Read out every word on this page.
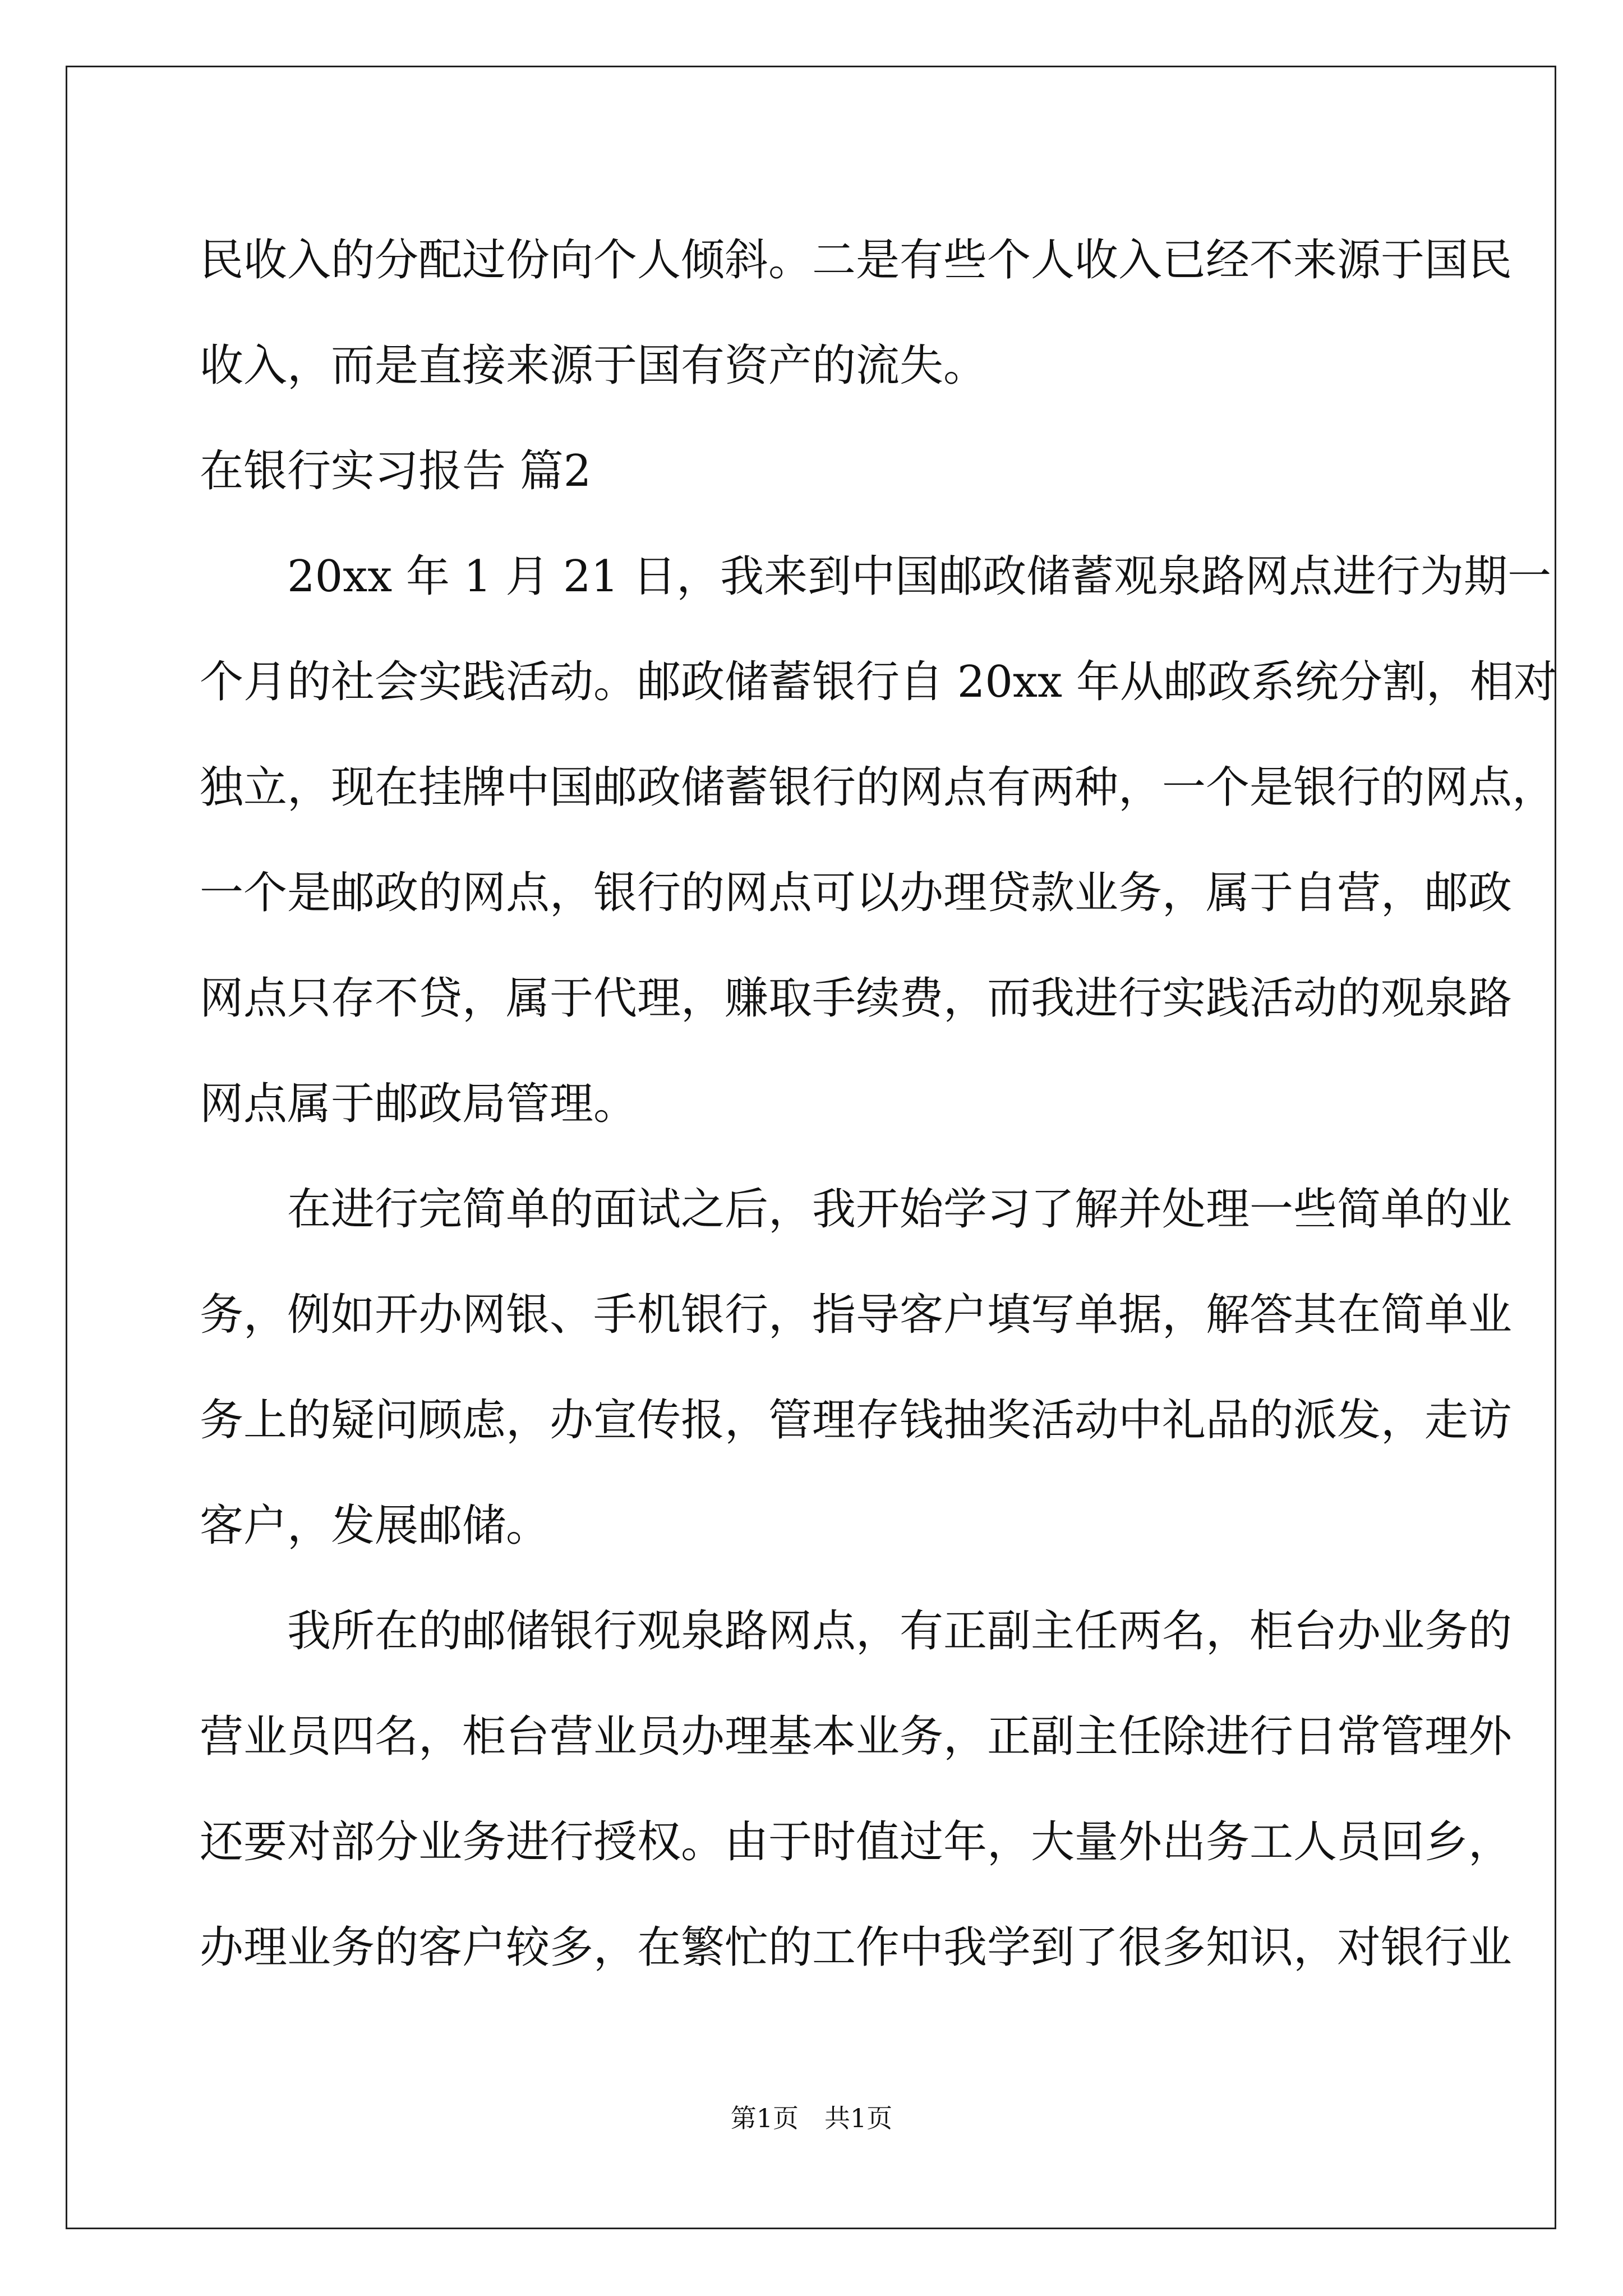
民收入的分配过份向个人倾斜。二是有些个人收入已经不来源于国民
收入，而是直接来源于国有资产的流失。
在银行实习报告 篇2
20xx 年 1 月 21 日，我来到中国邮政储蓄观泉路网点进行为期一
个月的社会实践活动。邮政储蓄银行自 20xx 年从邮政系统分割，相对
独立，现在挂牌中国邮政储蓄银行的网点有两种，一个是银行的网点，
一个是邮政的网点，银行的网点可以办理贷款业务，属于自营，邮政
网点只存不贷，属于代理，赚取手续费，而我进行实践活动的观泉路
网点属于邮政局管理。
在进行完简单的面试之后，我开始学习了解并处理一些简单的业
务，例如开办网银、手机银行，指导客户填写单据，解答其在简单业
务上的疑问顾虑，办宣传报，管理存钱抽奖活动中礼品的派发，走访
客户，发展邮储。
我所在的邮储银行观泉路网点，有正副主任两名，柜台办业务的
营业员四名，柜台营业员办理基本业务，正副主任除进行日常管理外
还要对部分业务进行授权。由于时值过年，大量外出务工人员回乡，
办理业务的客户较多，在繁忙的工作中我学到了很多知识，对银行业
第1页　共1页
